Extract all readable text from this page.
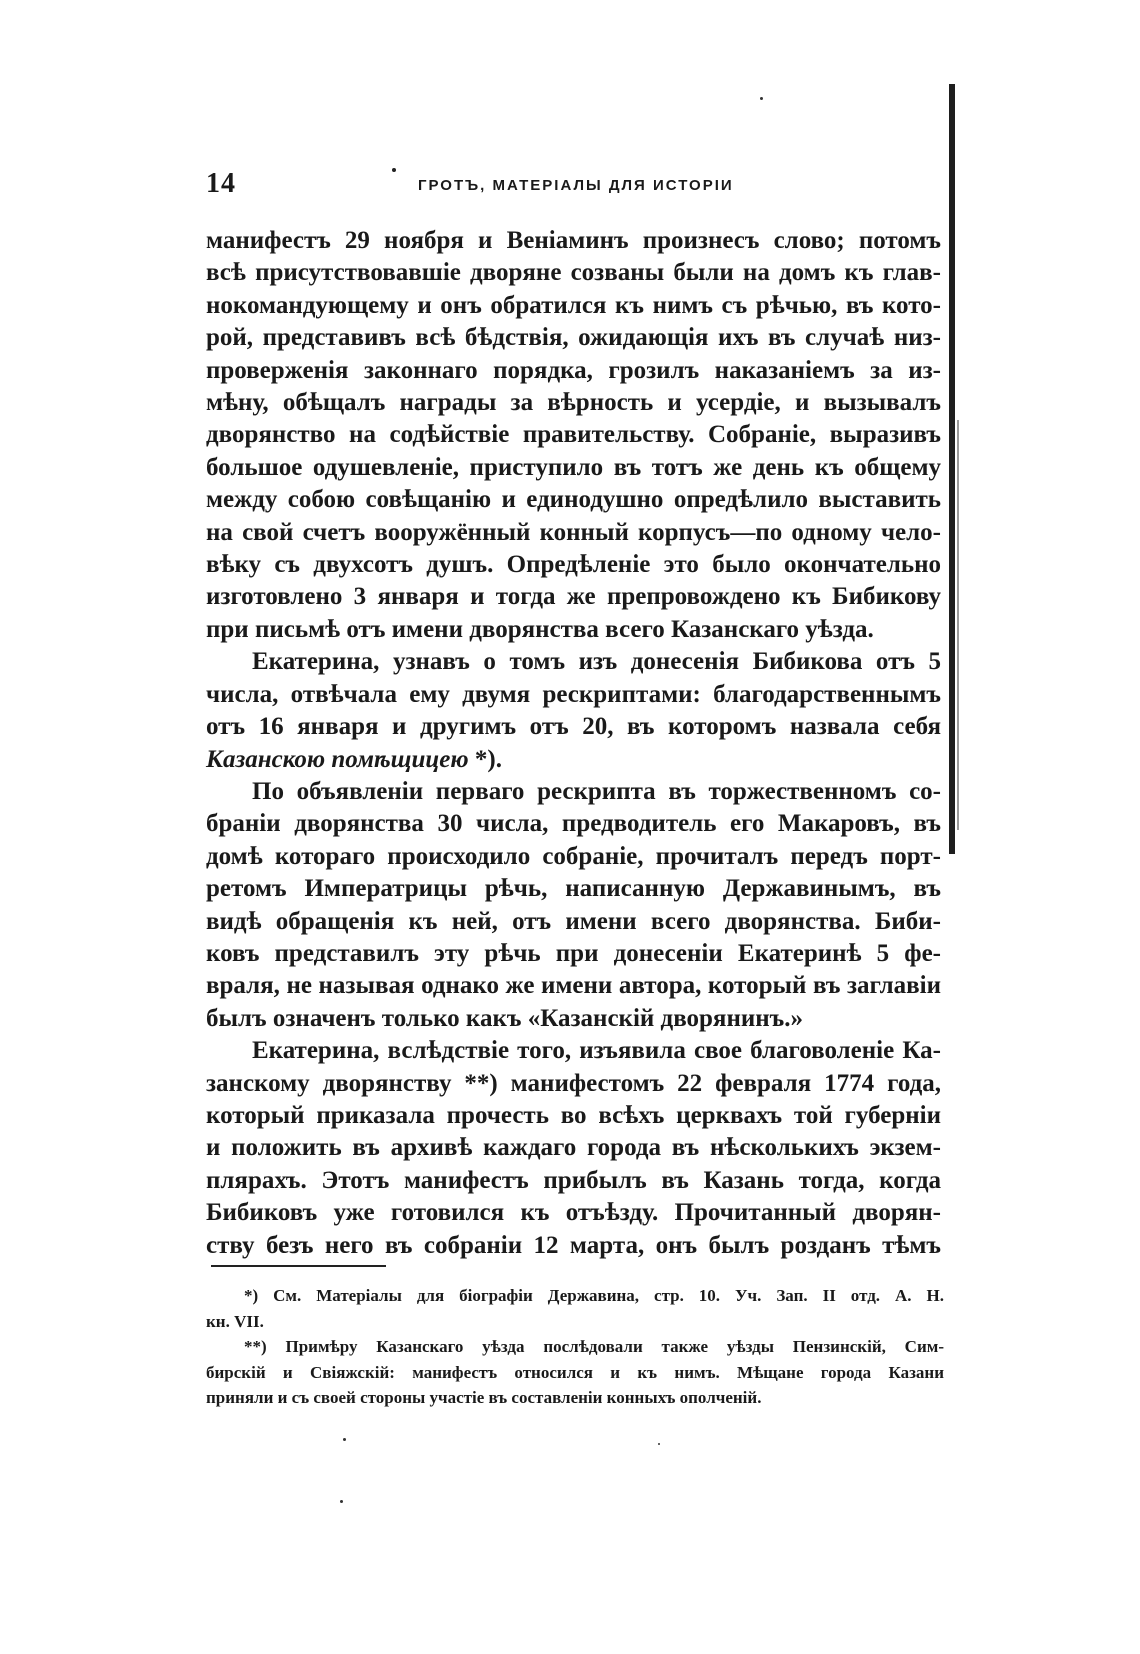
14	ГРОТЪ, МАТЕРІАЛЫ ДЛЯ ИСТОРІИ

манифестъ 29 ноября и Веніаминъ произнесъ слово; потомъ
всѣ присутствовавшіе дворяне созваны были на домъ къ глав-
нокомандующему и онъ обратился къ нимъ съ рѣчью, въ кото-
рой, представивъ всѣ бѣдствія, ожидающія ихъ въ случаѣ низ-
проверженія законнаго порядка, грозилъ наказаніемъ за из-
мѣну, обѣщалъ награды за вѣрность и усердіе, и вызывалъ
дворянство на содѣйствіе правительству. Собраніе, выразивъ
большое одушевленіе, приступило въ тотъ же день къ общему
между собою совѣщанію и единодушно опредѣлило выставить
на свой счетъ вооружённый конный корпусъ—по одному чело-
вѣку съ двухсотъ душъ. Опредѣленіе это было окончательно
изготовлено 3 января и тогда же препровождено къ Бибикову
при письмѣ отъ имени дворянства всего Казанскаго уѣзда.

Екатерина, узнавъ о томъ изъ донесенія Бибикова отъ 5
числа, отвѣчала ему двумя рескриптами: благодарственнымъ
отъ 16 января и другимъ отъ 20, въ которомъ назвала себя
Казанскою помѣщицею *).

По объявленіи перваго рескрипта въ торжественномъ со-
браніи дворянства 30 числа, предводитель его Макаровъ, въ
домѣ котораго происходило собраніе, прочиталъ передъ порт-
ретомъ Императрицы рѣчь, написанную Державинымъ, въ
видѣ обращенія къ ней, отъ имени всего дворянства. Биби-
ковъ представилъ эту рѣчь при донесеніи Екатеринѣ 5 фе-
враля, не называя однако же имени автора, который въ заглавіи
былъ означенъ только какъ «Казанскій дворянинъ.»

Екатерина, вслѣдствіе того, изъявила свое благоволеніе Ка-
занскому дворянству **) манифестомъ 22 февраля 1774 года,
который приказала прочесть во всѣхъ церквахъ той губерніи
и положить въ архивѣ каждаго города въ нѣсколькихъ экзем-
плярахъ. Этотъ манифестъ прибылъ въ Казань тогда, когда
Бибиковъ уже готовился къ отъѣзду. Прочитанный дворян-
ству безъ него въ собраніи 12 марта, онъ былъ розданъ тѣмъ

*) См. Матеріалы для біографіи Державина, стр. 10. Уч. Зап. II отд. А. Н.
кн. VII.

**) Примѣру Казанскаго уѣзда послѣдовали также уѣзды Пензинскій, Сим-
бирскій и Свіяжскій: манифестъ относился и къ нимъ. Мѣщане города Казани
приняли и съ своей стороны участіе въ составленіи конныхъ ополченій.
